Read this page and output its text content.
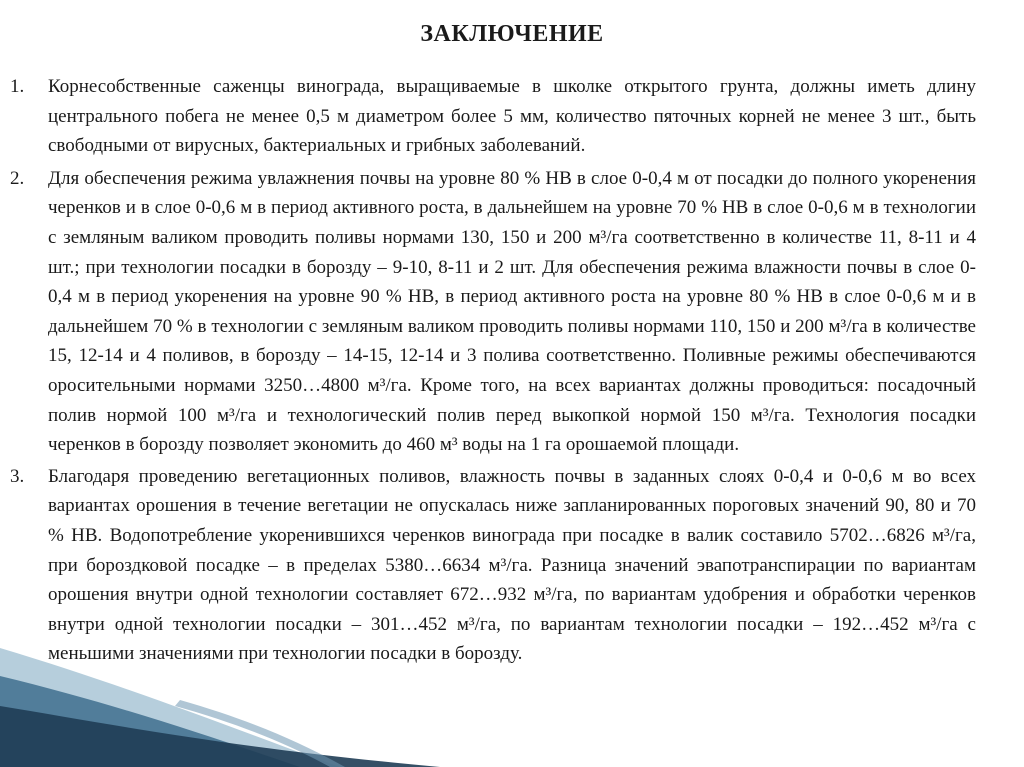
ЗАКЛЮЧЕНИЕ
1. Корнесобственные саженцы винограда, выращиваемые в школке открытого грунта, должны иметь длину центрального побега не менее 0,5 м диаметром более 5 мм, количество пяточных корней не менее 3 шт., быть свободными от вирусных, бактериальных и грибных заболеваний.
2. Для обеспечения режима увлажнения почвы на уровне 80 % НВ в слое 0-0,4 м от посадки до полного укоренения черенков и в слое 0-0,6 м в период активного роста, в дальнейшем на уровне 70 % НВ в слое 0-0,6 м в технологии с земляным валиком проводить поливы нормами 130, 150 и 200 м³/га соответственно в количестве 11, 8-11 и 4 шт.; при технологии посадки в борозду – 9-10, 8-11 и 2 шт. Для обеспечения режима влажности почвы в слое 0-0,4 м в период укоренения на уровне 90 % НВ, в период активного роста на уровне 80 % НВ в слое 0-0,6 м и в дальнейшем 70 % в технологии с земляным валиком проводить поливы нормами 110, 150 и 200 м³/га в количестве 15, 12-14 и 4 поливов, в борозду – 14-15, 12-14 и 3 полива соответственно. Поливные режимы обеспечиваются оросительными нормами 3250…4800 м³/га. Кроме того, на всех вариантах должны проводиться: посадочный полив нормой 100 м³/га и технологический полив перед выкопкой нормой 150 м³/га. Технология посадки черенков в борозду позволяет экономить до 460 м³ воды на 1 га орошаемой площади.
3. Благодаря проведению вегетационных поливов, влажность почвы в заданных слоях 0-0,4 и 0-0,6 м во всех вариантах орошения в течение вегетации не опускалась ниже запланированных пороговых значений 90, 80 и 70 % НВ. Водопотребление укоренившихся черенков винограда при посадке в валик составило 5702…6826 м³/га, при бороздковой посадке – в пределах 5380…6634 м³/га. Разница значений эвапотранспирации по вариантам орошения внутри одной технологии составляет 672…932 м³/га, по вариантам удобрения и обработки черенков внутри одной технологии посадки – 301…452 м³/га, по вариантам технологии посадки – 192…452 м³/га с меньшими значениями при технологии посадки в борозду.
